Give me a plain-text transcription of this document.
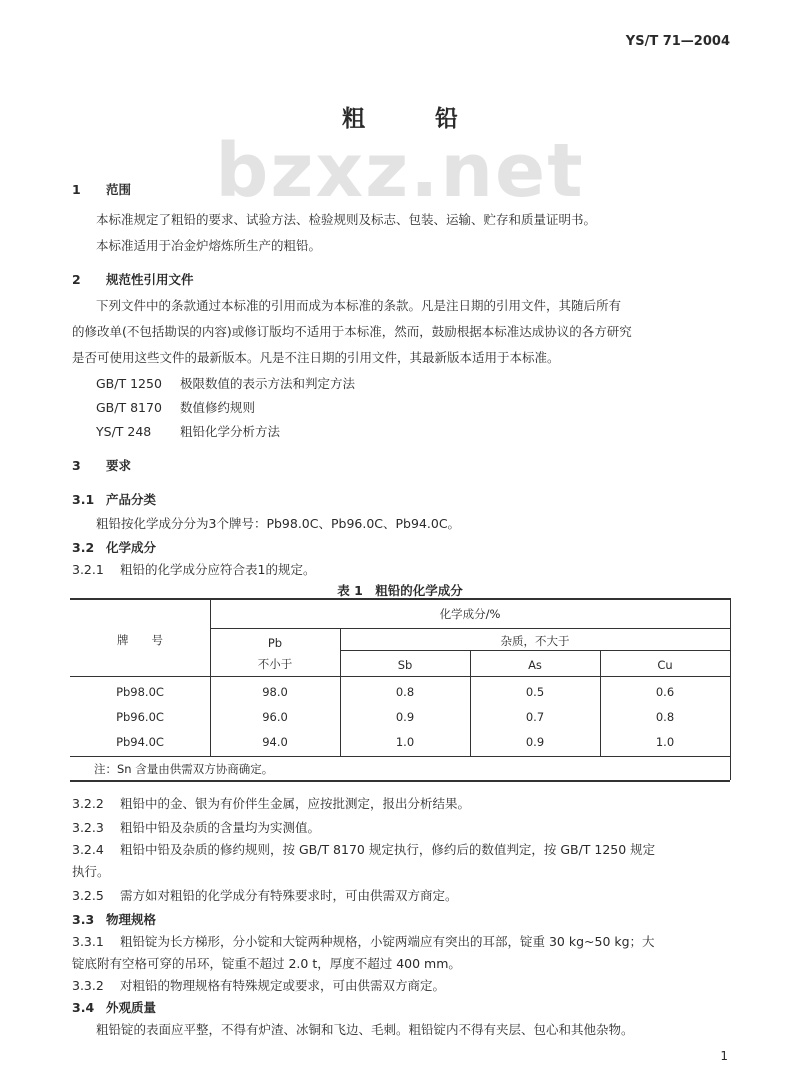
YS/T 71—2004
bzxz.net
粗铅
1 范围
本标准规定了粗铅的要求、试验方法、检验规则及标志、包装、运输、贮存和质量证明书。
本标准适用于冶金炉熔炼所生产的粗铅。
2 规范性引用文件
下列文件中的条款通过本标准的引用而成为本标准的条款。凡是注日期的引用文件，其随后所有
的修改单(不包括勘误的内容)或修订版均不适用于本标准，然而，鼓励根据本标准达成协议的各方研究
是否可使用这些文件的最新版本。凡是不注日期的引用文件，其最新版本适用于本标准。
GB/T 1250 极限数值的表示方法和判定方法
GB/T 8170 数值修约规则
YS/T 248 粗铅化学分析方法
3 要求
3.1 产品分类
粗铅按化学成分分为3个牌号：Pb98.0C、Pb96.0C、Pb94.0C。
3.2 化学成分
3.2.1 粗铅的化学成分应符合表1的规定。
表 1　粗铅的化学成分
牌　　号
化学成分/%
Pb
不小于
杂质，不大于
Sb	As	Cu
Pb98.0C	98.0	0.8	0.5	0.6
Pb96.0C	96.0	0.9	0.7	0.8
Pb94.0C	94.0	1.0	0.9	1.0
注：Sn 含量由供需双方协商确定。
3.2.2 粗铅中的金、银为有价伴生金属，应按批测定，报出分析结果。
3.2.3 粗铅中铅及杂质的含量均为实测值。
3.2.4 粗铅中铅及杂质的修约规则，按 GB/T 8170 规定执行，修约后的数值判定，按 GB/T 1250 规定
执行。
3.2.5 需方如对粗铅的化学成分有特殊要求时，可由供需双方商定。
3.3 物理规格
3.3.1 粗铅锭为长方梯形，分小锭和大锭两种规格，小锭两端应有突出的耳部，锭重 30 kg~50 kg；大
锭底附有空格可穿的吊环，锭重不超过 2.0 t，厚度不超过 400 mm。
3.3.2 对粗铅的物理规格有特殊规定或要求，可由供需双方商定。
3.4 外观质量
粗铅锭的表面应平整，不得有炉渣、冰铜和飞边、毛刺。粗铅锭内不得有夹层、包心和其他杂物。
1
